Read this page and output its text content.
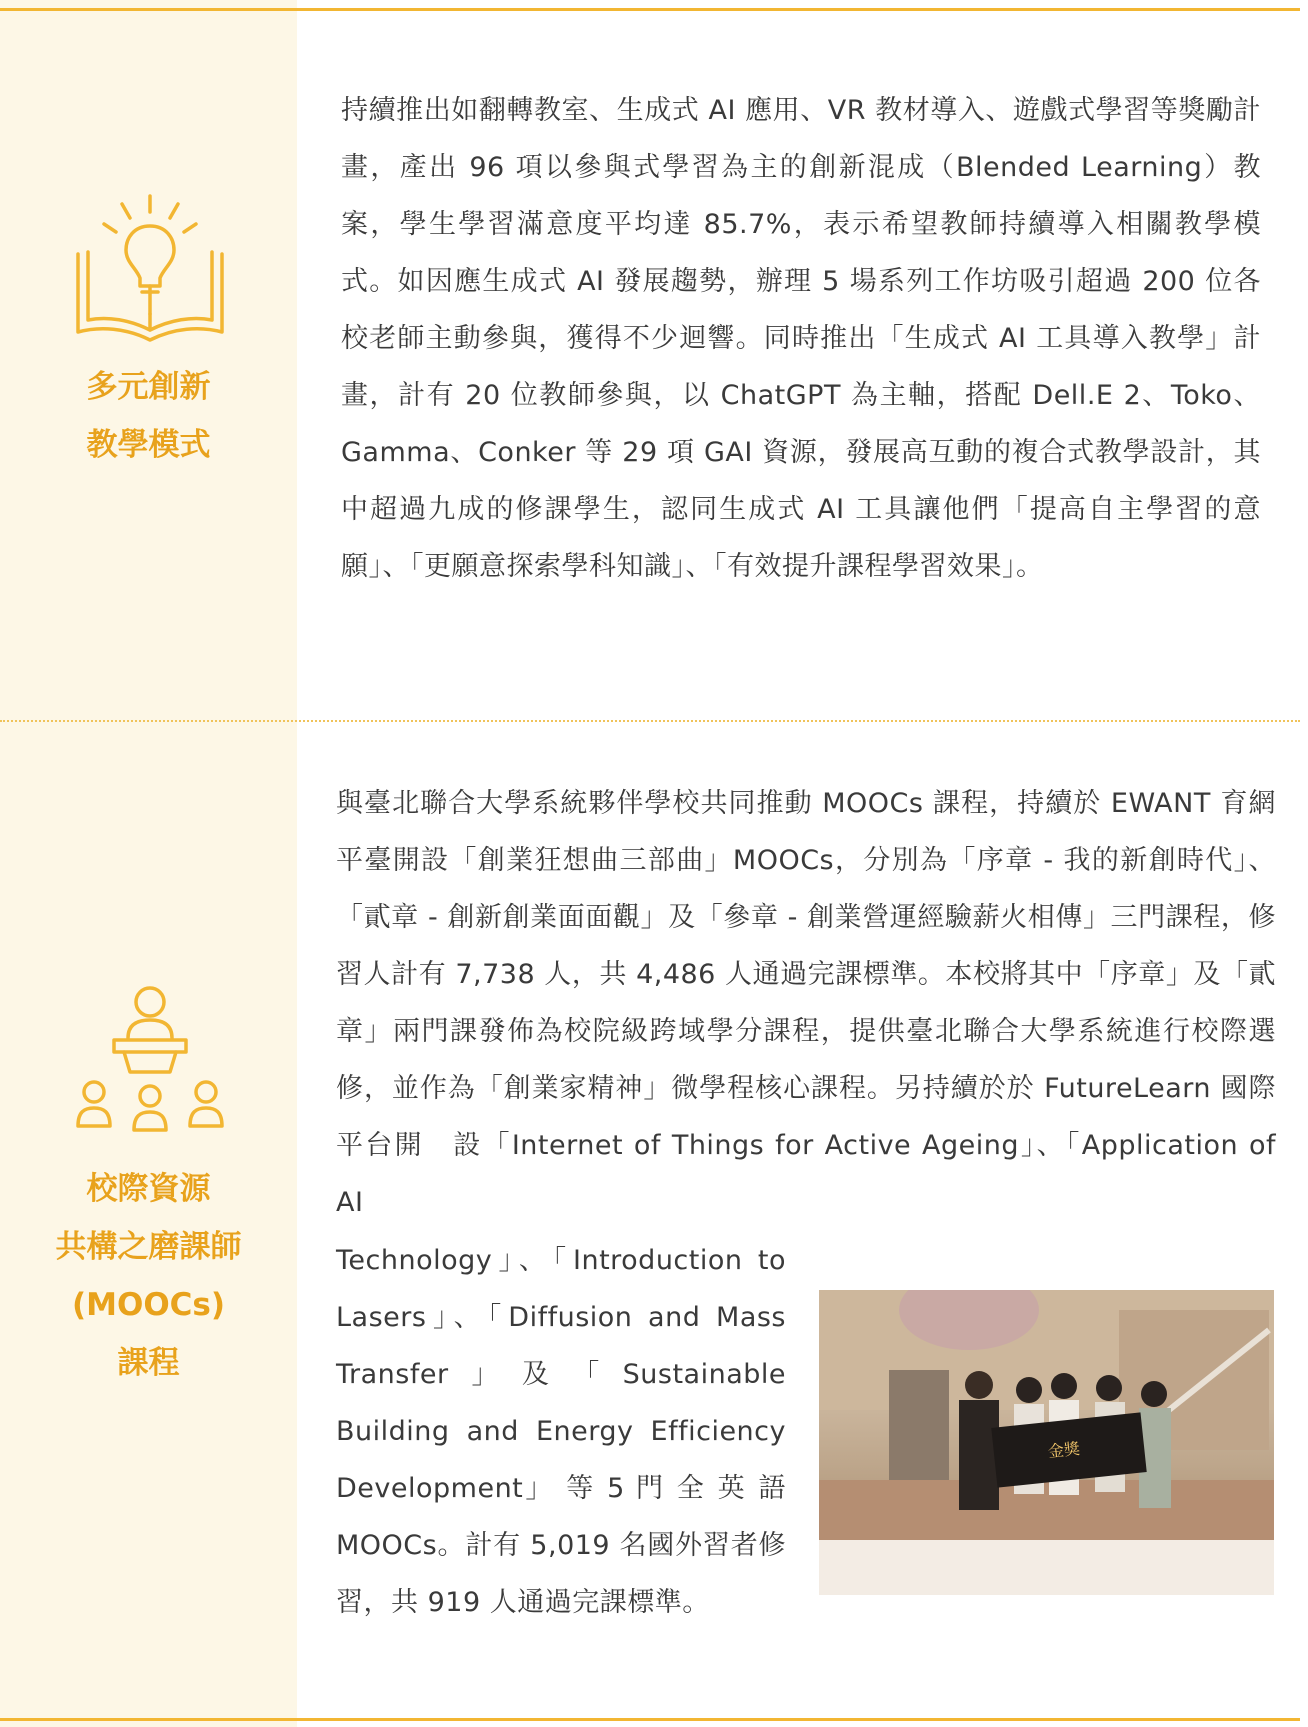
多元創新
教學模式

持續推出如翻轉教室、生成式 AI 應用、VR 教材導入、遊戲式學習等獎勵計畫，產出 96 項以參與式學習為主的創新混成（Blended Learning）教案，學生學習滿意度平均達 85.7%，表示希望教師持續導入相關教學模式。如因應生成式 AI 發展趨勢，辦理 5 場系列工作坊吸引超過 200 位各校老師主動參與，獲得不少迴響。同時推出「生成式 AI 工具導入教學」計畫，計有 20 位教師參與，以 ChatGPT 為主軸，搭配 Dell.E 2、Toko、Gamma、Conker 等 29 項 GAI 資源，發展高互動的複合式教學設計，其中超過九成的修課學生，認同生成式 AI 工具讓他們「提高自主學習的意願」、「更願意探索學科知識」、「有效提升課程學習效果」。

校際資源
共構之磨課師
(MOOCs)
課程

與臺北聯合大學系統夥伴學校共同推動 MOOCs 課程，持續於 EWANT 育網平臺開設「創業狂想曲三部曲」MOOCs，分別為「序章 - 我的新創時代」、「貳章 - 創新創業面面觀」及「參章 - 創業營運經驗薪火相傳」三門課程，修習人計有 7,738 人，共 4,486 人通過完課標準。本校將其中「序章」及「貳章」兩門課發佈為校院級跨域學分課程，提供臺北聯合大學系統進行校際選修，並作為「創業家精神」微學程核心課程。另持續於於 FutureLearn 國際平台開　設「Internet of Things for Active Ageing」、「Application of AI

Technology」、「Introduction to Lasers」、「Diffusion and Mass Transfer」及「Sustainable Building and Energy Efficiency Development」 等 5 門 全 英 語 MOOCs。計有 5,019 名國外習者修習，共 919 人通過完課標準。

金獎
